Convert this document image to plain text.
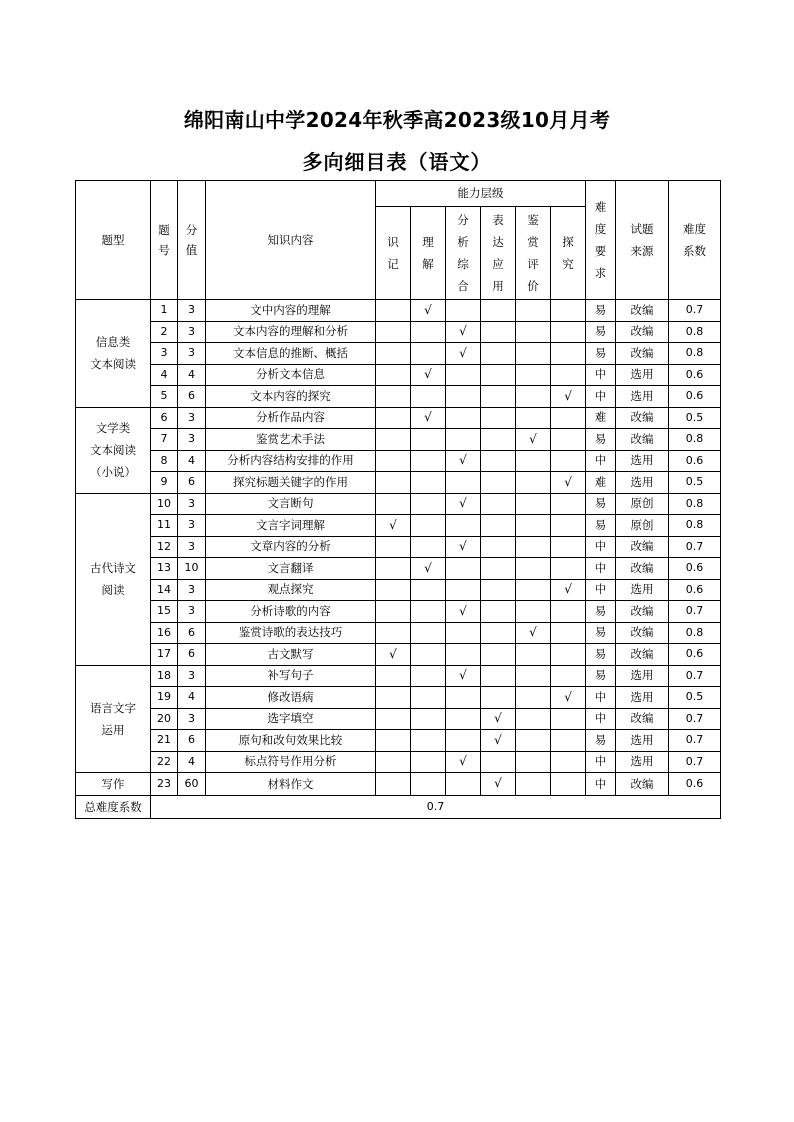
绵阳南山中学2024年秋季高2023级10月月考
多向细目表（语文）
题型	题号	分值	知识内容	能力层级						难度要求	试题来源	难度系数
				识记	理解	分析综合	表达应用	鉴赏评价	探究			
信息类
文本阅读	1	3	文中内容的理解		√					易	改编	0.7
	2	3	文本内容的理解和分析			√				易	改编	0.8
	3	3	文本信息的推断、概括			√				易	改编	0.8
	4	4	分析文本信息		√					中	选用	0.6
	5	6	文本内容的探究						√	中	选用	0.6
文学类
文本阅读
（小说）	6	3	分析作品内容		√					难	改编	0.5
	7	3	鉴赏艺术手法					√		易	改编	0.8
	8	4	分析内容结构安排的作用			√				中	选用	0.6
	9	6	探究标题关键字的作用						√	难	选用	0.5
古代诗文
阅读	10	3	文言断句			√				易	原创	0.8
	11	3	文言字词理解	√						易	原创	0.8
	12	3	文章内容的分析			√				中	改编	0.7
	13	10	文言翻译		√					中	改编	0.6
	14	3	观点探究						√	中	选用	0.6
	15	3	分析诗歌的内容			√				易	改编	0.7
	16	6	鉴赏诗歌的表达技巧					√		易	改编	0.8
	17	6	古文默写	√						易	改编	0.6
语言文字
运用	18	3	补写句子			√				易	选用	0.7
	19	4	修改语病						√	中	选用	0.5
	20	3	选字填空				√			中	改编	0.7
	21	6	原句和改句效果比较				√			易	选用	0.7
	22	4	标点符号作用分析			√				中	选用	0.7
写作	23	60	材料作文				√			中	改编	0.6
总难度系数	0.7											
